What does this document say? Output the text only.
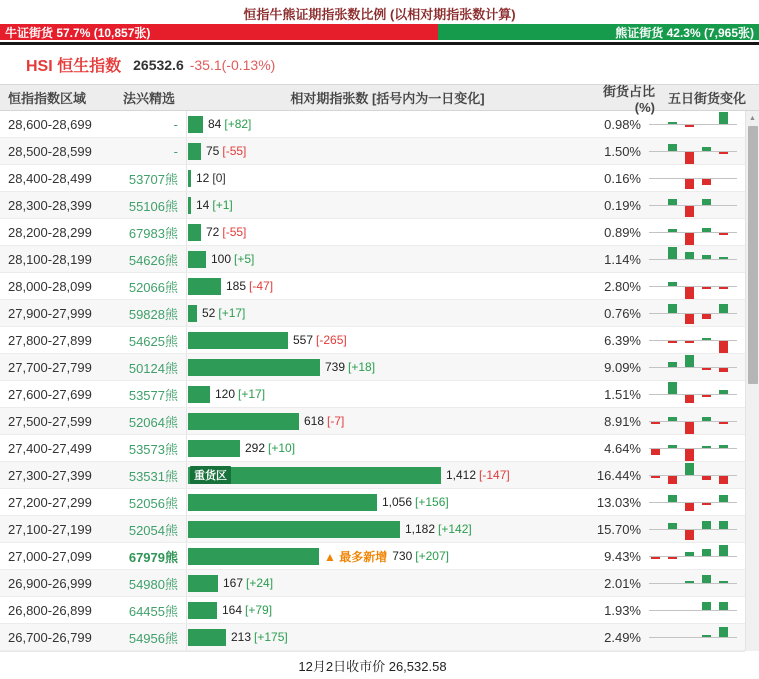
恒指牛熊证期指张数比例 (以相对期指张数计算)
牛证街货 57.7% (10,857张)	熊证街货 42.3% (7,965张)
HSI 恒生指数 26532.6 -35.1(-0.13%)
恒指指数区域	法兴精选	相对期指张数 [括号内为一日变化]	街货占比(%)
五日街货变化
28,600-28,699	-	84 [+82]	0.98%
28,500-28,599	-	75 [-55]	1.50%
28,400-28,499	53707熊	12 [0]	0.16%
28,300-28,399	55106熊	14 [+1]	0.19%
28,200-28,299	67983熊	72 [-55]	0.89%
28,100-28,199	54626熊	100 [+5]	1.14%
28,000-28,099	52066熊	185 [-47]	2.80%
27,900-27,999	59828熊	52 [+17]	0.76%
27,800-27,899	54625熊	557 [-265]	6.39%
27,700-27,799	50124熊	739 [+18]	9.09%
27,600-27,699	53577熊	120 [+17]	1.51%
27,500-27,599	52064熊	618 [-7]	8.91%
27,400-27,499	53573熊	292 [+10]	4.64%
27,300-27,399	53531熊	重货区	1,412 [-147]	16.44%
27,200-27,299	52056熊	1,056 [+156]	13.03%
27,100-27,199	52054熊	1,182 [+142]	15.70%
27,000-27,099	67979熊	▲ 最多新增 730 [+207]	9.43%
26,900-26,999	54980熊	167 [+24]	2.01%
26,800-26,899	64455熊	164 [+79]	1.93%
26,700-26,799	54956熊	213 [+175]	2.49%
▲
12月2日收市价 26,532.58
